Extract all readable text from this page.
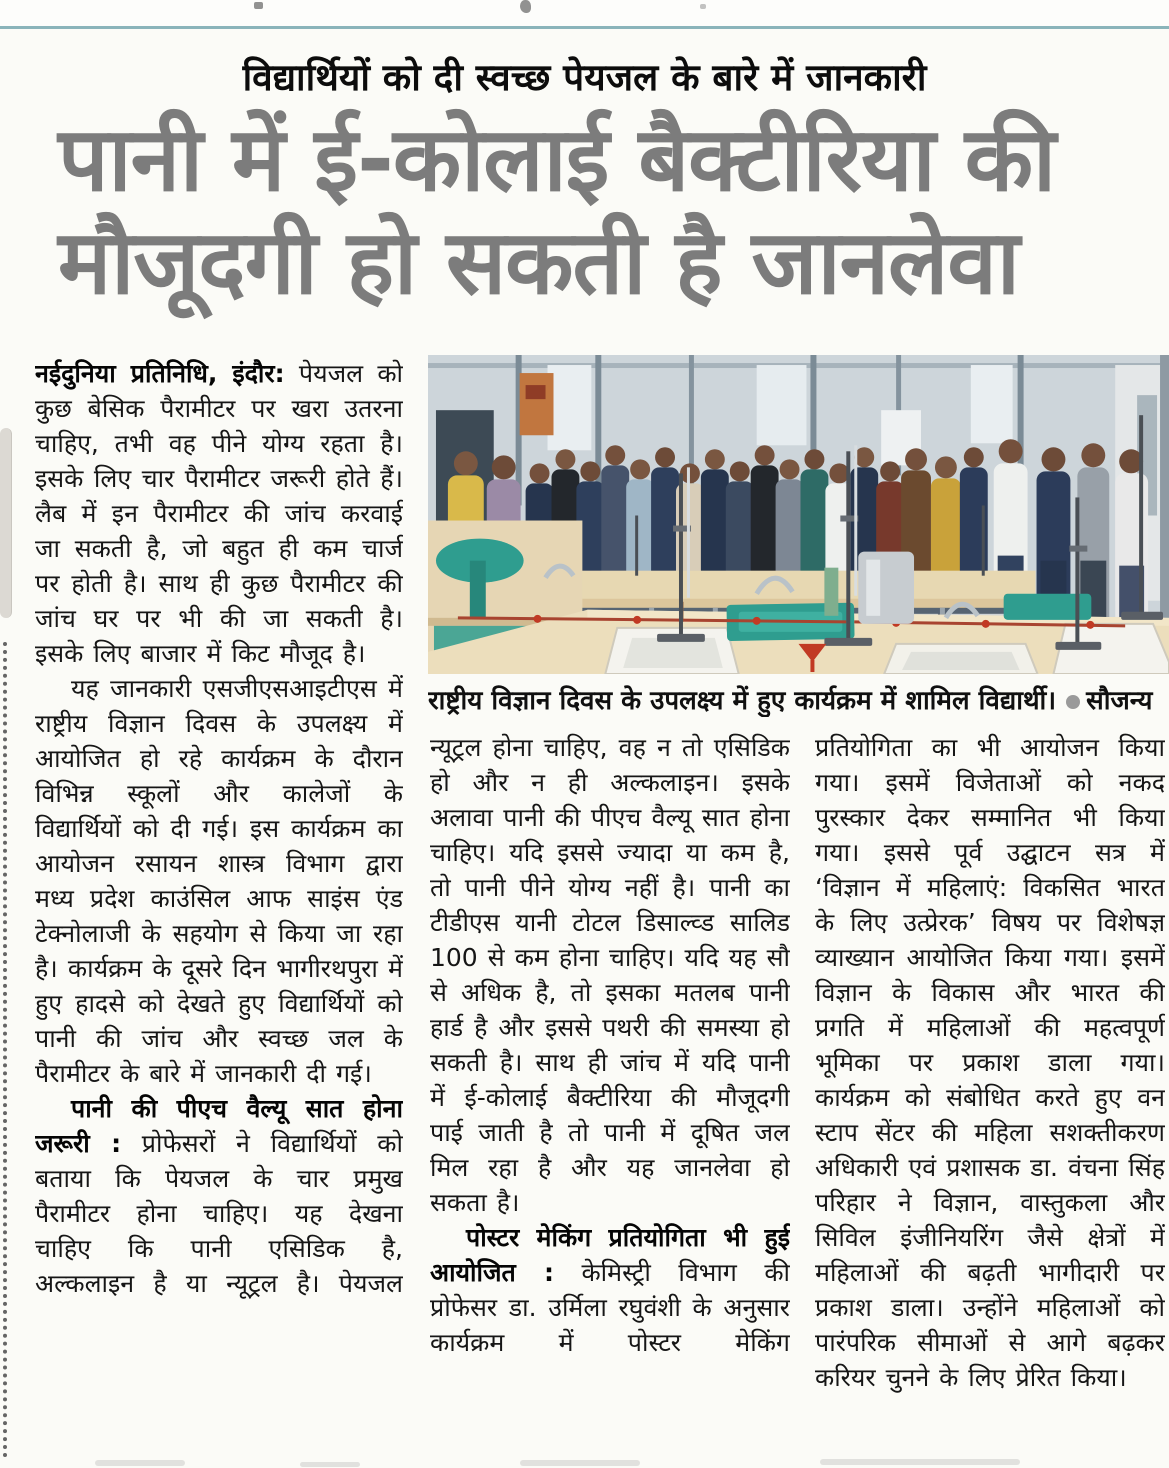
विद्यार्थियों को दी स्वच्छ पेयजल के बारे में जानकारी
पानी में ई-कोलाई बैक्टीरिया की
मौजूदगी हो सकती है जानलेवा

नईदुनिया प्रतिनिधि, इंदौर: पेयजल को कुछ बेसिक पैरामीटर पर खरा उतरना चाहिए, तभी वह पीने योग्य रहता है। इसके लिए चार पैरामीटर जरूरी होते हैं। लैब में इन पैरामीटर की जांच करवाई जा सकती है, जो बहुत ही कम चार्ज पर होती है। साथ ही कुछ पैरामीटर की जांच घर पर भी की जा सकती है। इसके लिए बाजार में किट मौजूद है।

यह जानकारी एसजीएसआइटीएस में राष्ट्रीय विज्ञान दिवस के उपलक्ष्य में आयोजित हो रहे कार्यक्रम के दौरान विभिन्न स्कूलों और कालेजों के विद्यार्थियों को दी गई। इस कार्यक्रम का आयोजन रसायन शास्त्र विभाग द्वारा मध्य प्रदेश काउंसिल आफ साइंस एंड टेक्नोलाजी के सहयोग से किया जा रहा है। कार्यक्रम के दूसरे दिन भागीरथपुरा में हुए हादसे को देखते हुए विद्यार्थियों को पानी की जांच और स्वच्छ जल के पैरामीटर के बारे में जानकारी दी गई।

पानी की पीएच वैल्यू सात होना जरूरी : प्रोफेसरों ने विद्यार्थियों को बताया कि पेयजल के चार प्रमुख पैरामीटर होना चाहिए। यह देखना चाहिए कि पानी एसिडिक है, अल्कलाइन है या न्यूट्रल है। पेयजल

राष्ट्रीय विज्ञान दिवस के उपलक्ष्य में हुए कार्यक्रम में शामिल विद्यार्थी। सौजन्य

न्यूट्रल होना चाहिए, वह न तो एसिडिक हो और न ही अल्कलाइन। इसके अलावा पानी की पीएच वैल्यू सात होना चाहिए। यदि इससे ज्यादा या कम है, तो पानी पीने योग्य नहीं है। पानी का टीडीएस यानी टोटल डिसाल्व्ड सालिड 100 से कम होना चाहिए। यदि यह सौ से अधिक है, तो इसका मतलब पानी हार्ड है और इससे पथरी की समस्या हो सकती है। साथ ही जांच में यदि पानी में ई-कोलाई बैक्टीरिया की मौजूदगी पाई जाती है तो पानी में दूषित जल मिल रहा है और यह जानलेवा हो सकता है।

पोस्टर मेकिंग प्रतियोगिता भी हुई आयोजित : केमिस्ट्री विभाग की प्रोफेसर डा. उर्मिला रघुवंशी के अनुसार कार्यक्रम में पोस्टर मेकिंग

प्रतियोगिता का भी आयोजन किया गया। इसमें विजेताओं को नकद पुरस्कार देकर सम्मानित भी किया गया। इससे पूर्व उद्घाटन सत्र में ‘विज्ञान में महिलाएं: विकसित भारत के लिए उत्प्रेरक’ विषय पर विशेषज्ञ व्याख्यान आयोजित किया गया। इसमें विज्ञान के विकास और भारत की प्रगति में महिलाओं की महत्वपूर्ण भूमिका पर प्रकाश डाला गया। कार्यक्रम को संबोधित करते हुए वन स्टाप सेंटर की महिला सशक्तीकरण अधिकारी एवं प्रशासक डा. वंचना सिंह परिहार ने विज्ञान, वास्तुकला और सिविल इंजीनियरिंग जैसे क्षेत्रों में महिलाओं की बढ़ती भागीदारी पर प्रकाश डाला। उन्होंने महिलाओं को पारंपरिक सीमाओं से आगे बढ़कर करियर चुनने के लिए प्रेरित किया।
